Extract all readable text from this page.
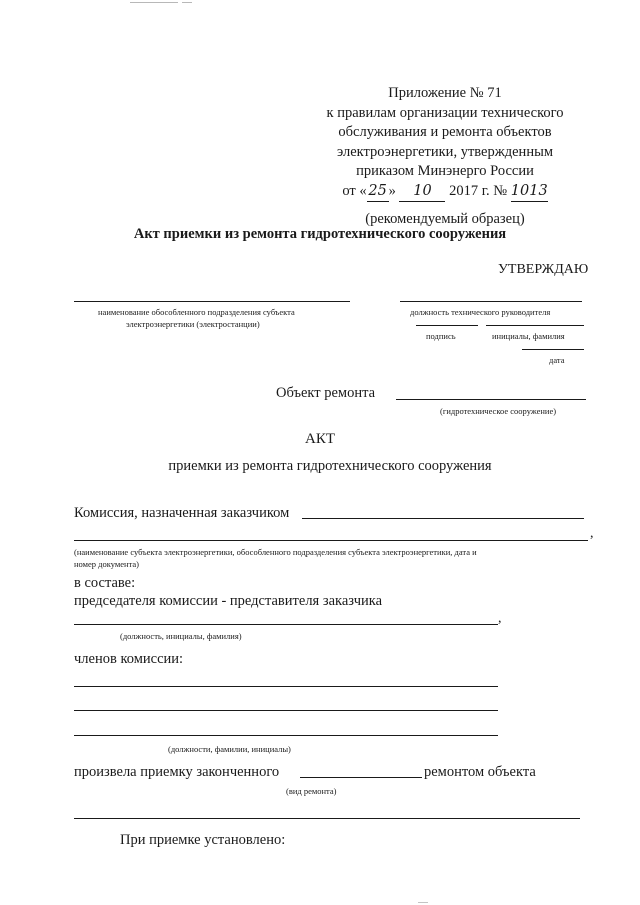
Приложение № 71
к правилам организации технического
обслуживания и ремонта объектов
электроэнергетики, утвержденным
приказом Минэнерго России
от « 25 » 10 2017 г. № 1013
(рекомендуемый образец)
Акт приемки из ремонта гидротехнического сооружения
УТВЕРЖДАЮ
наименование обособленного подразделения субъекта
электроэнергетики (электростанции)
должность технического руководителя
подпись	инициалы, фамилия
дата
Объект ремонта
(гидротехническое сооружение)
АКТ
приемки из ремонта гидротехнического сооружения
Комиссия, назначенная заказчиком
,
(наименование субъекта электроэнергетики, обособленного подразделения субъекта электроэнергетики, дата и
номер документа)
в составе:
председателя комиссии - представителя заказчика
,
(должность, инициалы, фамилия)
членов комиссии:
(должности, фамилии, инициалы)
произвела приемку законченного	ремонтом объекта
(вид ремонта)
При приемке установлено:
